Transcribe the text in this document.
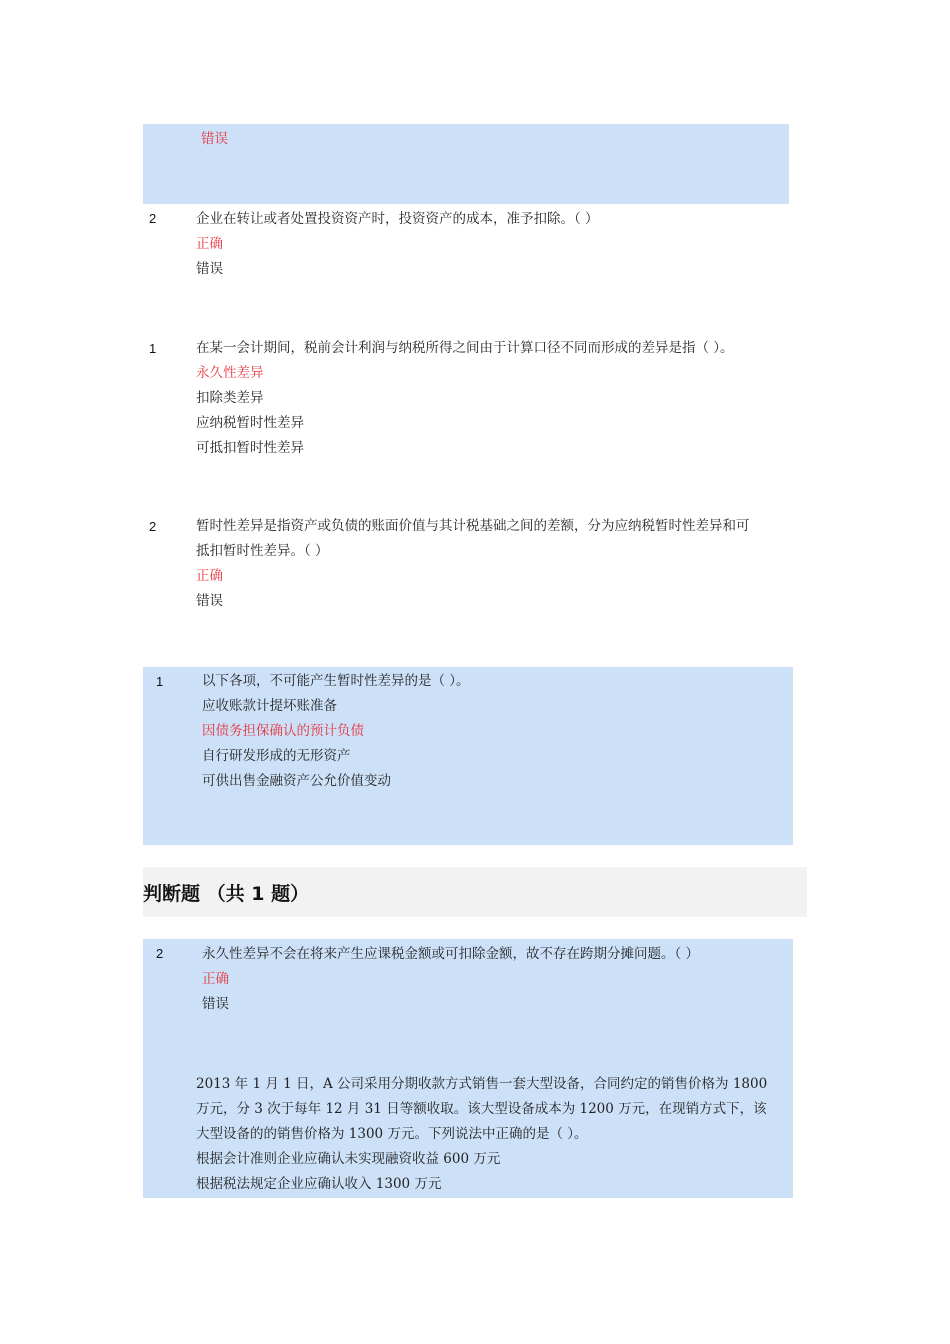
错误
2	企业在转让或者处置投资资产时，投资资产的成本，准予扣除。（ ）
正确
错误
1	在某一会计期间，税前会计利润与纳税所得之间由于计算口径不同而形成的差异是指（ ）。
永久性差异
扣除类差异
应纳税暂时性差异
可抵扣暂时性差异
2	暂时性差异是指资产或负债的账面价值与其计税基础之间的差额，分为应纳税暂时性差异和可
抵扣暂时性差异。（ ）
正确
错误
1	以下各项，不可能产生暂时性差异的是（ ）。
应收账款计提坏账准备
因债务担保确认的预计负债
自行研发形成的无形资产
可供出售金融资产公允价值变动
判断题 （共 1 题）
2	永久性差异不会在将来产生应课税金额或可扣除金额，故不存在跨期分摊问题。（ ）
正确
错误
2013 年 1 月 1 日，A 公司采用分期收款方式销售一套大型设备，合同约定的销售价格为 1800
万元，分 3 次于每年 12 月 31 日等额收取。该大型设备成本为 1200 万元，在现销方式下，该
大型设备的的销售价格为 1300 万元。下列说法中正确的是（ ）。
根据会计准则企业应确认未实现融资收益 600 万元
根据税法规定企业应确认收入 1300 万元
